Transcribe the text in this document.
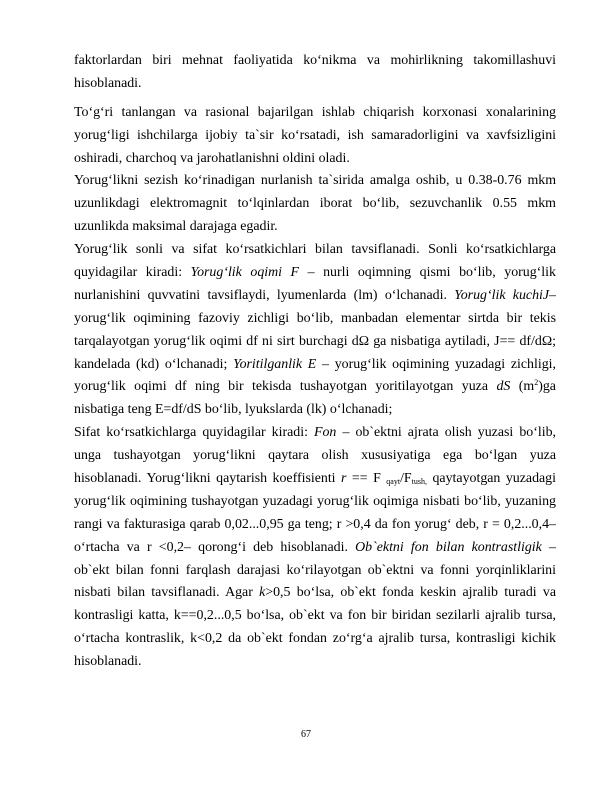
faktorlardan biri mehnat faoliyatida koʻnikma va mohirlikning takomillashuvi
hisoblanadi.
Toʻgʻri tanlangan va rasional bajarilgan ishlab chiqarish korxonasi xonalarining
yorugʻligi ishchilarga ijobiy ta`sir koʻrsatadi, ish samaradorligini va xavfsizligini
oshiradi, charchoq va jarohatlanishni oldini oladi.
Yorugʻlikni sezish koʻrinadigan nurlanish ta`sirida amalga oshib, u 0.38-0.76 mkm
uzunlikdagi elektromagnit toʻlqinlardan iborat boʻlib, sezuvchanlik 0.55 mkm
uzunlikda maksimal darajaga egadir.
Yorugʻlik sonli va sifat koʻrsatkichlari bilan tavsiflanadi. Sonli koʻrsatkichlarga
quyidagilar kiradi: Yorugʻlik oqimi F – nurli oqimning qismi boʻlib, yorugʻlik
nurlanishini quvvatini tavsiflaydi, lyumenlarda (lm) oʻlchanadi. Yorugʻlik kuchiJ–
yorugʻlik oqimining fazoviy zichligi boʻlib, manbadan elementar sirtda bir tekis
tarqalayotgan yorugʻlik oqimi df ni sirt burchagi dΩ ga nisbatiga aytiladi, J== df/dΩ;
kandelada (kd) oʻlchanadi; Yoritilganlik E – yorugʻlik oqimining yuzadagi zichligi,
yorugʻlik oqimi df ning bir tekisda tushayotgan yoritilayotgan yuza dS $(m^2)ga$
nisbatiga teng E=df/dS boʻlib, lyukslarda (lk) oʻlchanadi;
Sifat koʻrsatkichlarga quyidagilar kiradi: Fon – ob`ektni ajrata olish yuzasi boʻlib,
unga tushayotgan yorugʻlikni qaytara olish xususiyatiga ega boʻlgan yuza
hisoblanadi. Yorugʻlikni qaytarish koeffisienti r == F $_{qayt}/F_{tush,}$ qaytayotgan yuzadagi
yorugʻlik oqimining tushayotgan yuzadagi yorugʻlik oqimiga nisbati boʻlib, yuzaning
rangi va fakturasiga qarab 0,02...0,95 ga teng; r >0,4 da fon yorugʻ deb, r = 0,2...0,4–
oʻrtacha va r <0,2– qorongʻi deb hisoblanadi. Ob`ektni fon bilan kontrastligik –
ob`ekt bilan fonni farqlash darajasi koʻrilayotgan ob`ektni va fonni yorqinliklarini
nisbati bilan tavsiflanadi. Agar k>0,5 boʻlsa, ob`ekt fonda keskin ajralib turadi va
kontrasligi katta, k==0,2...0,5 boʻlsa, ob`ekt va fon bir biridan sezilarli ajralib tursa,
oʻrtacha kontraslik, k<0,2 da ob`ekt fondan zoʻrgʻa ajralib tursa, kontrasligi kichik
hisoblanadi.
67
